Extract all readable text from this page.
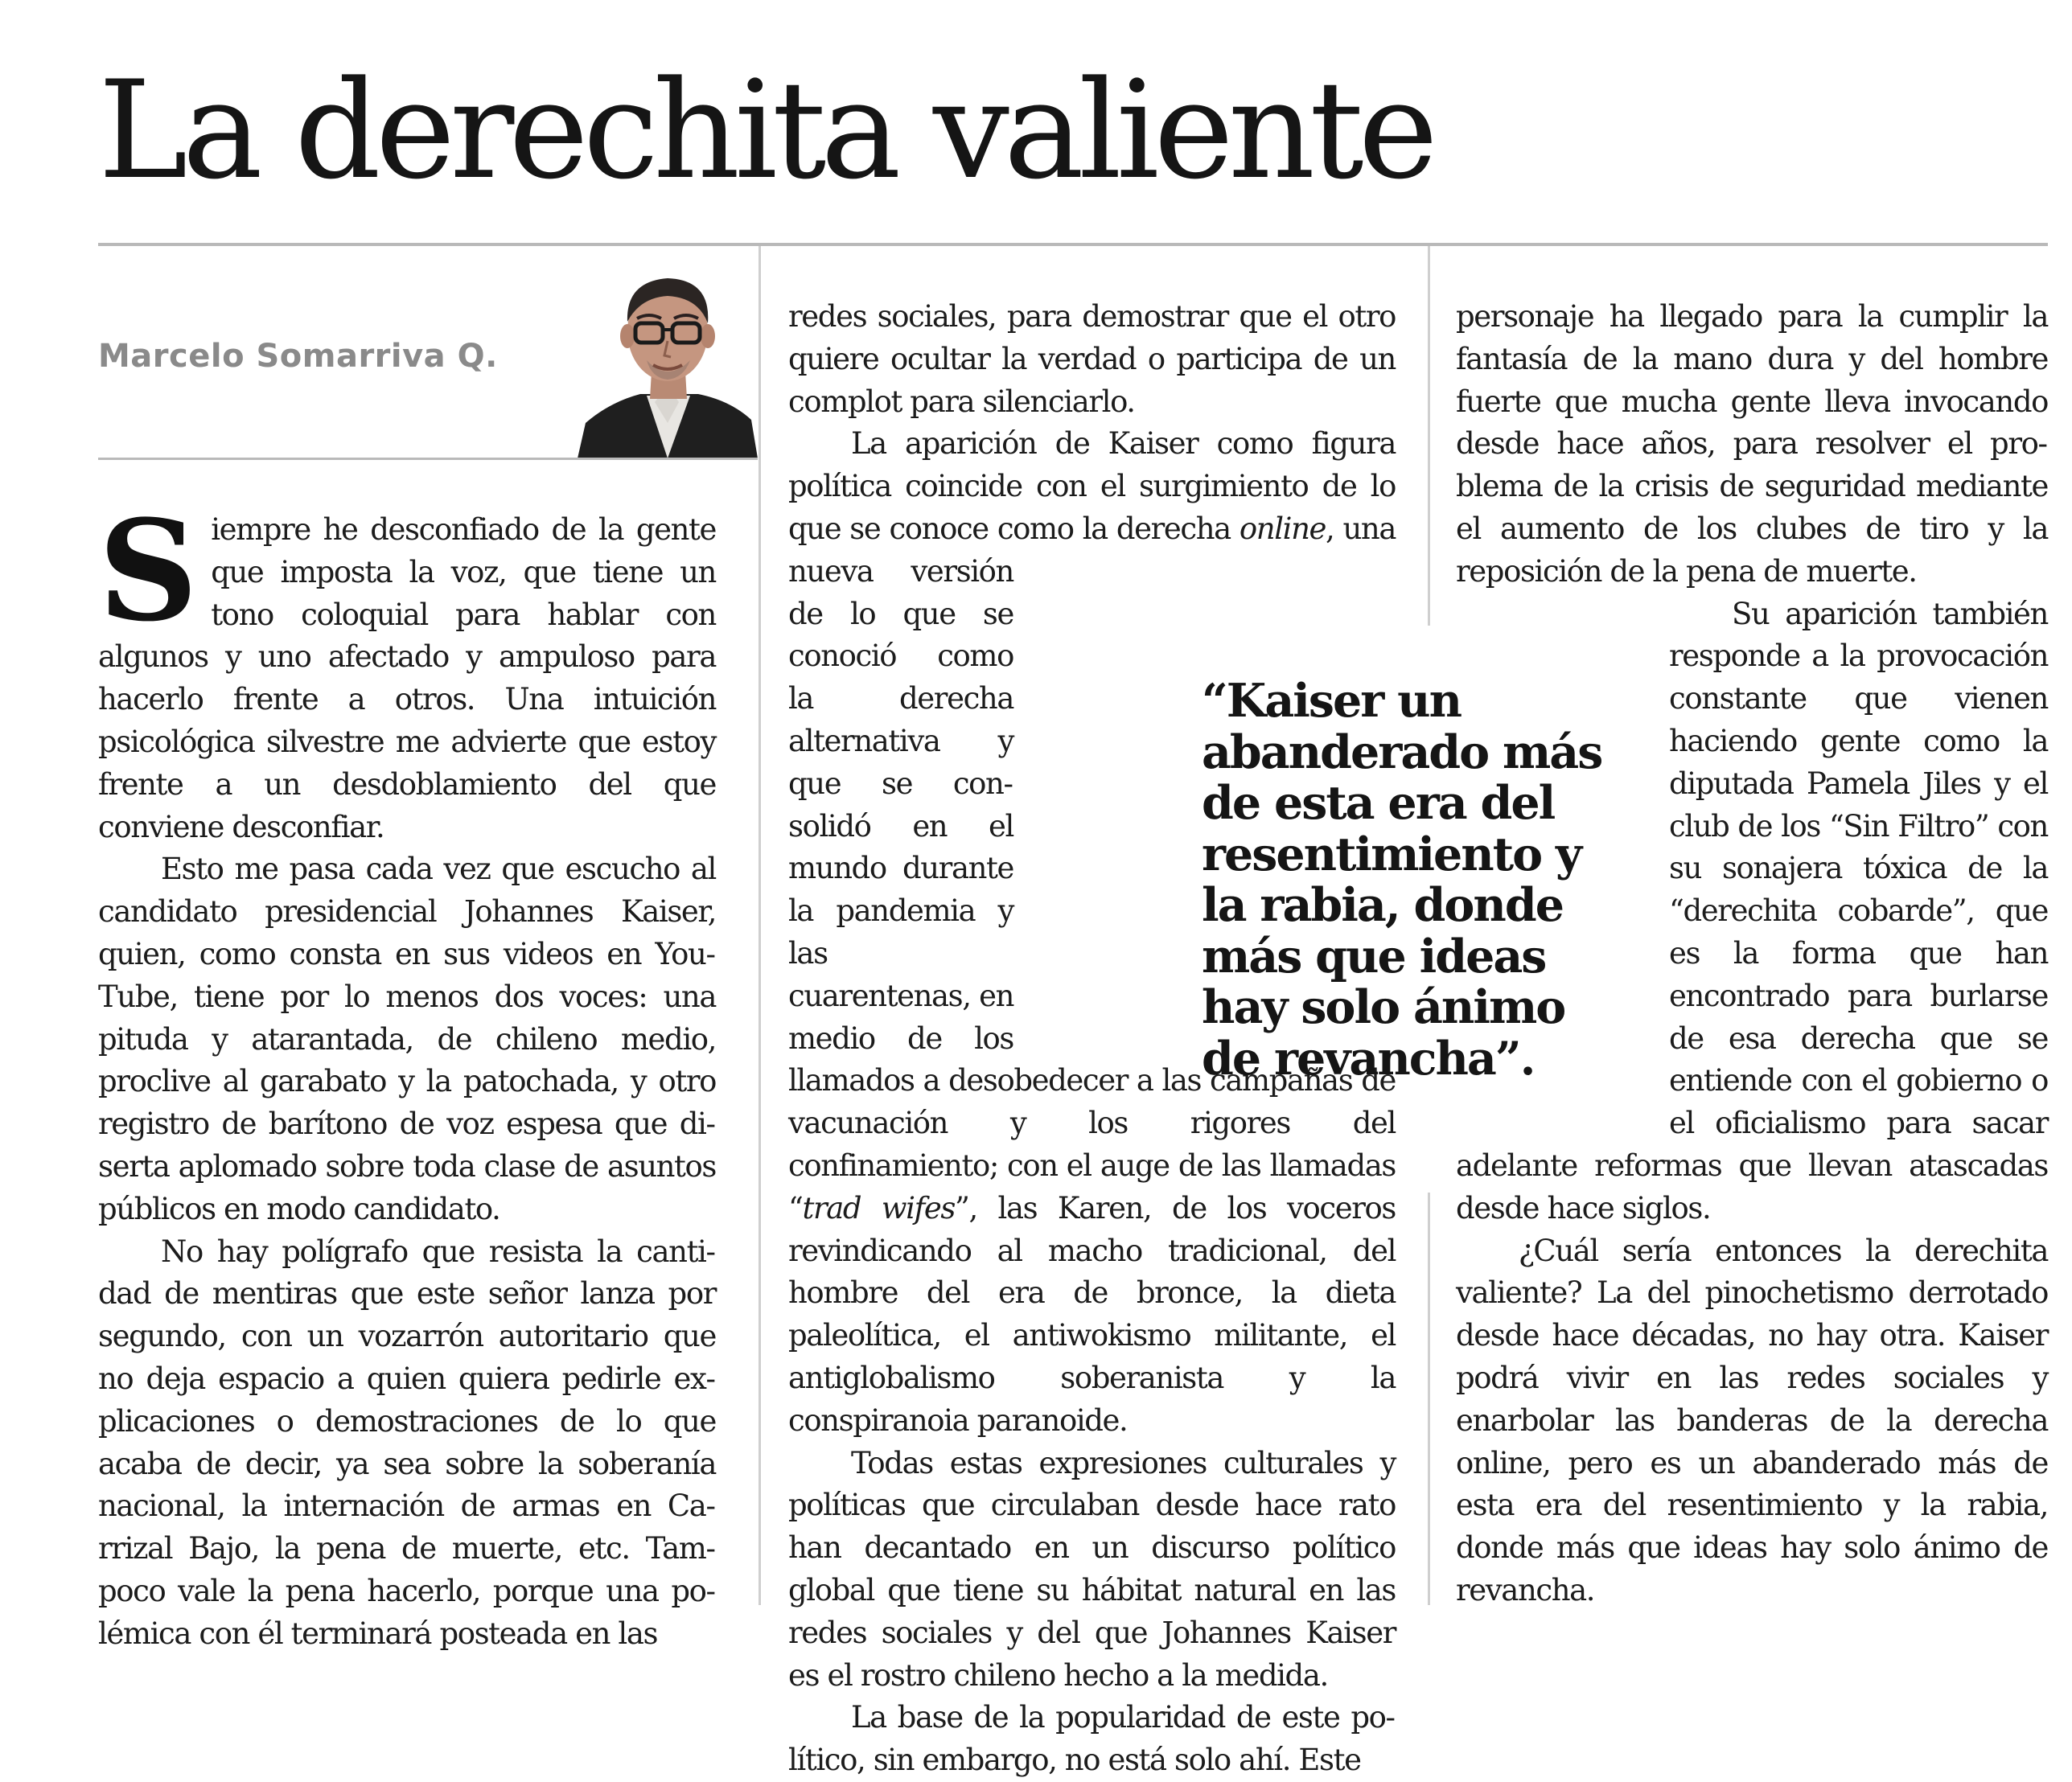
La derechita valiente
Marcelo Somarriva Q.

Siempre he desconfiado de la gente que imposta la voz, que tiene un tono coloquial para hablar con algunos y uno afectado y ampuloso para hacerlo frente a otros. Una intuición psicológica silvestre me advierte que estoy frente a un desdoblamiento del que conviene desconfiar.

Esto me pasa cada vez que escucho al candidato presidencial Johannes Kaiser, quien, como consta en sus videos en YouTube, tiene por lo menos dos voces: una pituda y atarantada, de chileno medio, proclive al garabato y la patochada, y otro registro de barítono de voz espesa que diserta aplomado sobre toda clase de asuntos públicos en modo candidato.

No hay polígrafo que resista la cantidad de mentiras que este señor lanza por segundo, con un vozarrón autoritario que no deja espacio a quien quiera pedirle explicaciones o demostraciones de lo que acaba de decir, ya sea sobre la soberanía nacional, la internación de armas en Carrizal Bajo, la pena de muerte, etc. Tampoco vale la pena hacerlo, porque una polémica con él terminará posteada en las

redes sociales, para demostrar que el otro quiere ocultar la verdad o participa de un complot para silenciarlo.

La aparición de Kaiser como figura política coincide con el surgimiento de lo que se conoce como la derecha online
, una nueva versión de lo que se conoció como la derecha alternativa y que se consolidó en el mundo durante la pandemia y las cuarentenas, en medio de los llamados a desobedecer a las campañas de vacunación y los rigores del confinamiento; con el auge de las llamadas “trad wifes”, las Karen, de los voceros revindicando al macho tradicional, del hombre del era de bronce, la dieta paleolítica, el antiwokismo militante, el antiglobalismo soberanista y la conspiranoia paranoide.

Todas estas expresiones culturales y políticas que circulaban desde hace rato han decantado en un discurso político global que tiene su hábitat natural en las redes sociales y del que Johannes Kaiser es el rostro chileno hecho a la medida.

La base de la popularidad de este político, sin embargo, no está solo ahí. Este

personaje ha llegado para la cumplir la fantasía de la mano dura y del hombre fuerte que mucha gente lleva invocando desde hace años, para resolver el problema de la crisis de seguridad mediante el aumento de los clubes de tiro y la reposición de la pena de muerte.

Su aparición también responde a la provocación constante que vienen haciendo gente como la diputada Pamela Jiles y el club de los “Sin Filtro” con su sonajera tóxica de la “derechita cobarde”, que es la forma que han encontrado para burlarse de esa derecha que se entiende con el gobierno o el oficialismo para sacar adelante reformas que llevan atascadas desde hace siglos.

¿Cuál sería entonces la derechita valiente? La del pinochetismo derrotado desde hace décadas, no hay otra. Kaiser podrá vivir en las redes sociales y enarbolar las banderas de la derecha online, pero es un abanderado más de esta era del resentimiento y la rabia, donde más que ideas hay solo ánimo de revancha.

“Kaiser un abanderado más de esta era del resentimiento y la rabia, donde más que ideas hay solo ánimo de revancha”.
